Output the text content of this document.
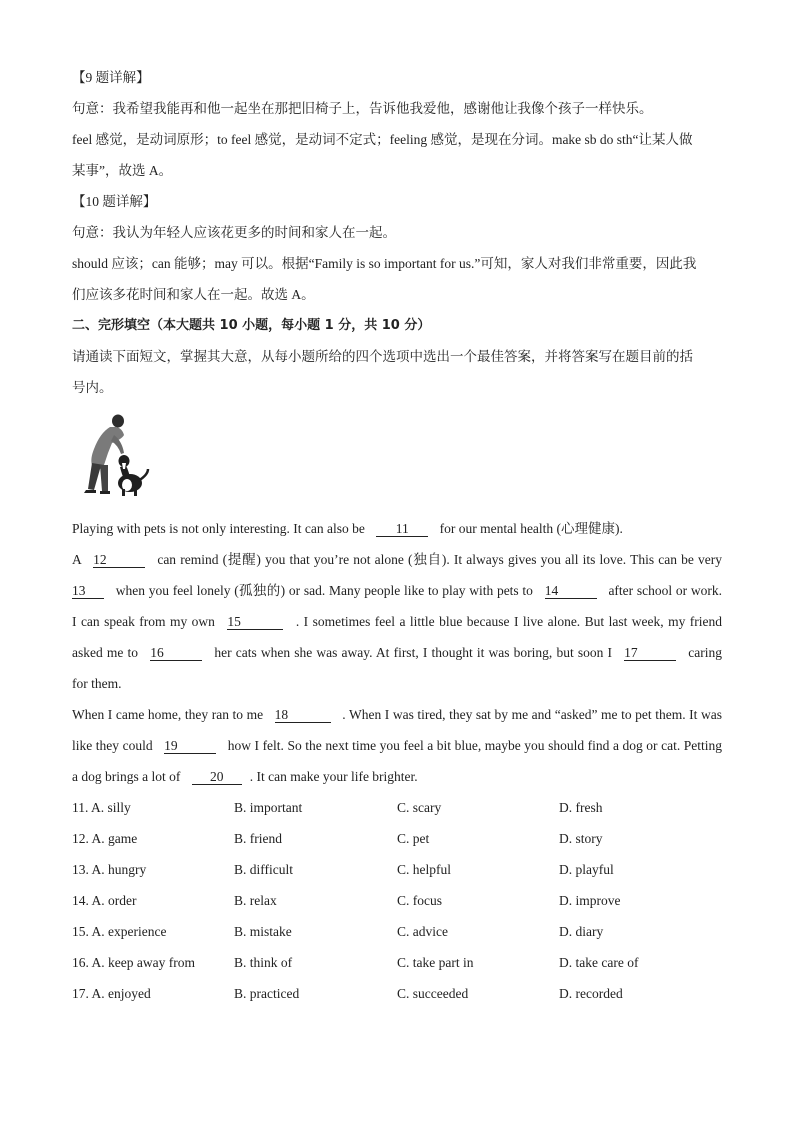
【9 题详解】

句意：我希望我能再和他一起坐在那把旧椅子上，告诉他我爱他，感谢他让我像个孩子一样快乐。

feel 感觉，是动词原形；to feel 感觉，是动词不定式；feeling 感觉，是现在分词。make sb do sth“让某人做

某事”，故选 A。

【10 题详解】

句意：我认为年轻人应该花更多的时间和家人在一起。

should 应该；can 能够；may 可以。根据“Family is so important for us.”可知，家人对我们非常重要，因此我

们应该多花时间和家人在一起。故选 A。

二、完形填空（本大题共 10 小题，每小题 1 分，共 10 分）

请通读下面短文，掌握其大意，从每小题所给的四个选项中选出一个最佳答案，并将答案写在题目前的括

号内。

Playing with pets is not only interesting. It can also be 11 for our mental health (心理健康).

A 12	can remind (提醒) you that you’re not alone (独自). It always gives you all its love. This can be very

13 when you feel lonely (孤独的) or sad. Many people like to play with pets to 14	after school or work.

I can speak from my own 15	. I sometimes feel a little blue because I live alone. But last week, my friend

asked me to 16	her cats when she was away. At first, I thought it was boring, but soon I 17	caring

for them.

When I came home, they ran to me 18	. When I was tired, they sat by me and “asked” me to pet them. It was

like they could 19	how I felt. So the next time you feel a bit blue, maybe you should find a dog or cat. Petting

a dog brings a lot of 20 . It can make your life brighter.

11. A. silly	B. important	C. scary	D. fresh
12. A. game	B. friend	C. pet	D. story
13. A. hungry	B. difficult	C. helpful	D. playful
14. A. order	B. relax	C. focus	D. improve
15. A. experience	B. mistake	C. advice	D. diary
16. A. keep away from	B. think of	C. take part in	D. take care of
17. A. enjoyed	B. practiced	C. succeeded	D. recorded
